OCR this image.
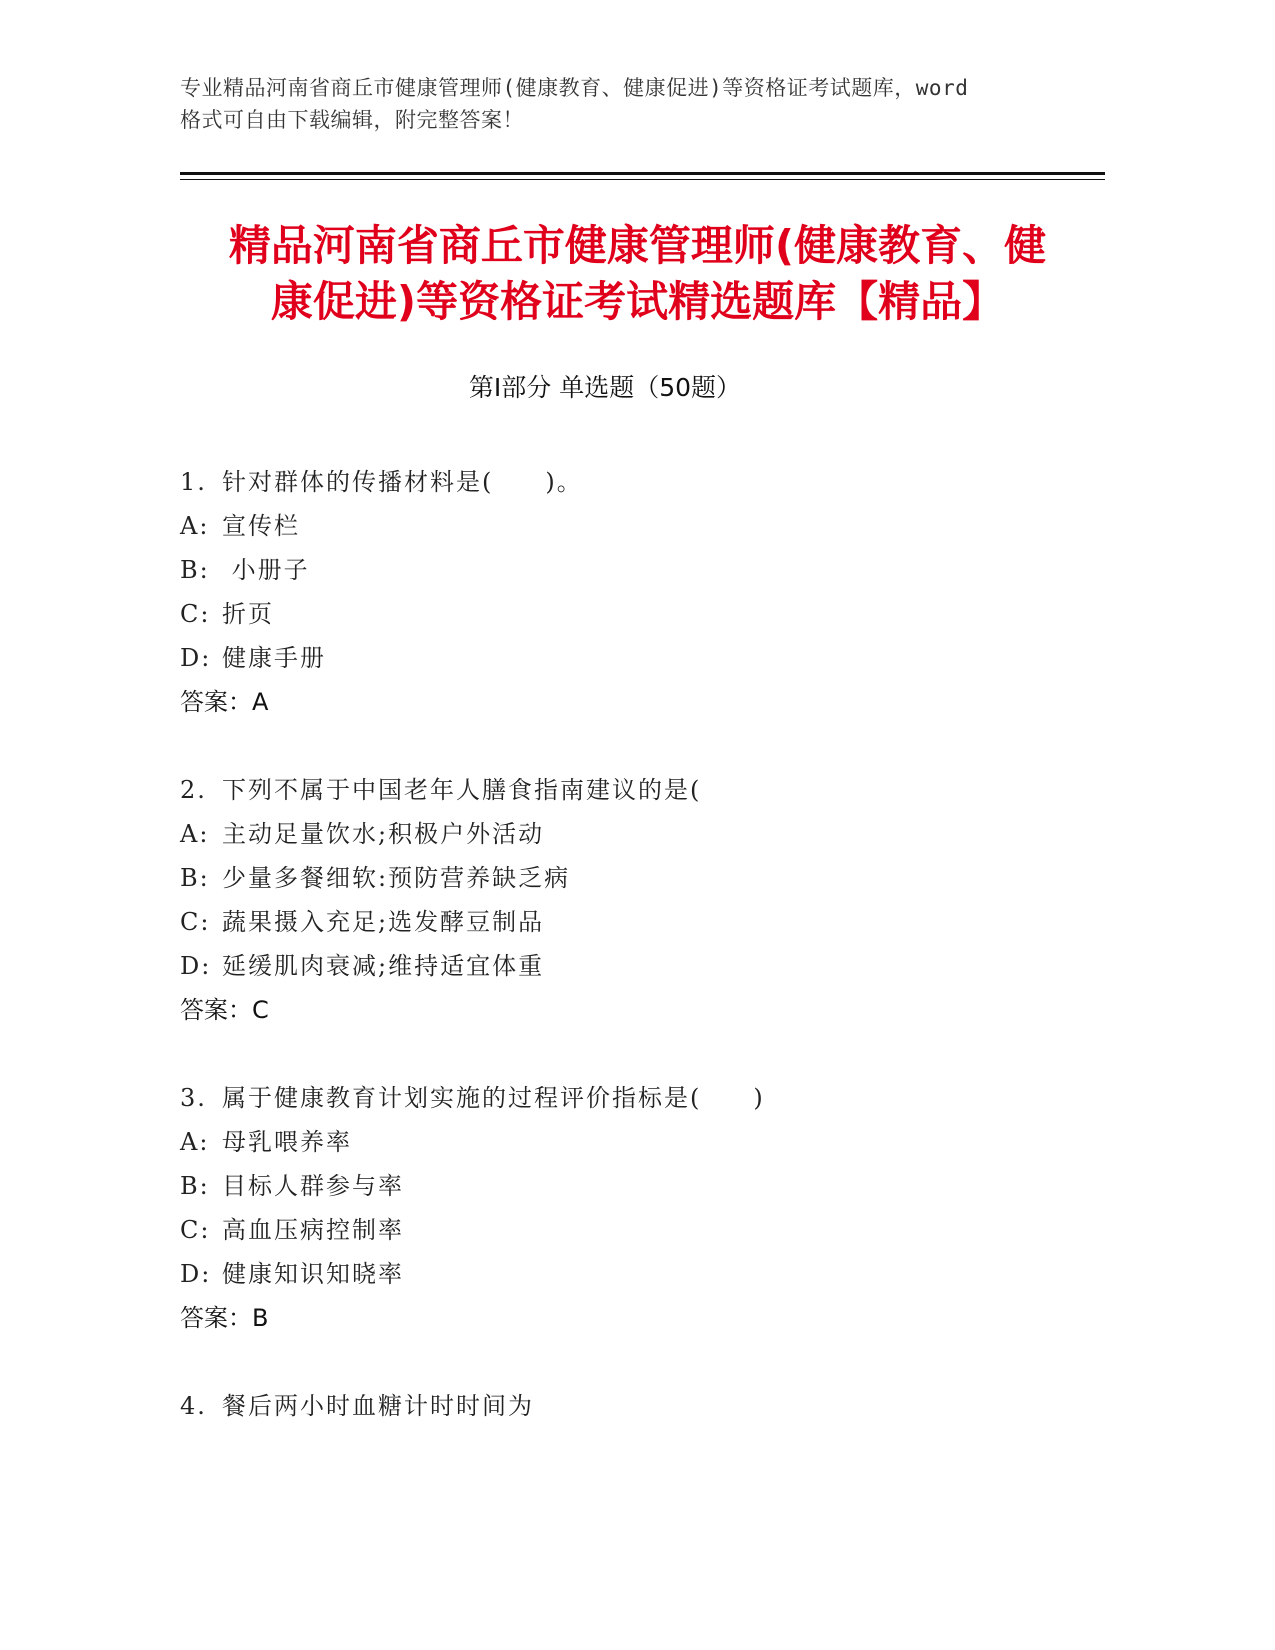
专业精品河南省商丘市健康管理师(健康教育、健康促进)等资格证考试题库，word
格式可自由下载编辑，附完整答案！
精品河南省商丘市健康管理师(健康教育、健
康促进)等资格证考试精选题库【精品】
第Ⅰ部分 单选题（50题）
1. 针对群体的传播材料是(　　)。
A: 宣传栏
B: 小册子
C: 折页
D: 健康手册
答案：A
2. 下列不属于中国老年人膳食指南建议的是(
A: 主动足量饮水;积极户外活动
B: 少量多餐细软:预防营养缺乏病
C: 蔬果摄入充足;选发酵豆制品
D: 延缓肌肉衰减;维持适宜体重
答案：C
3. 属于健康教育计划实施的过程评价指标是(　　)
A: 母乳喂养率
B: 目标人群参与率
C: 高血压病控制率
D: 健康知识知晓率
答案：B
4. 餐后两小时血糖计时时间为
